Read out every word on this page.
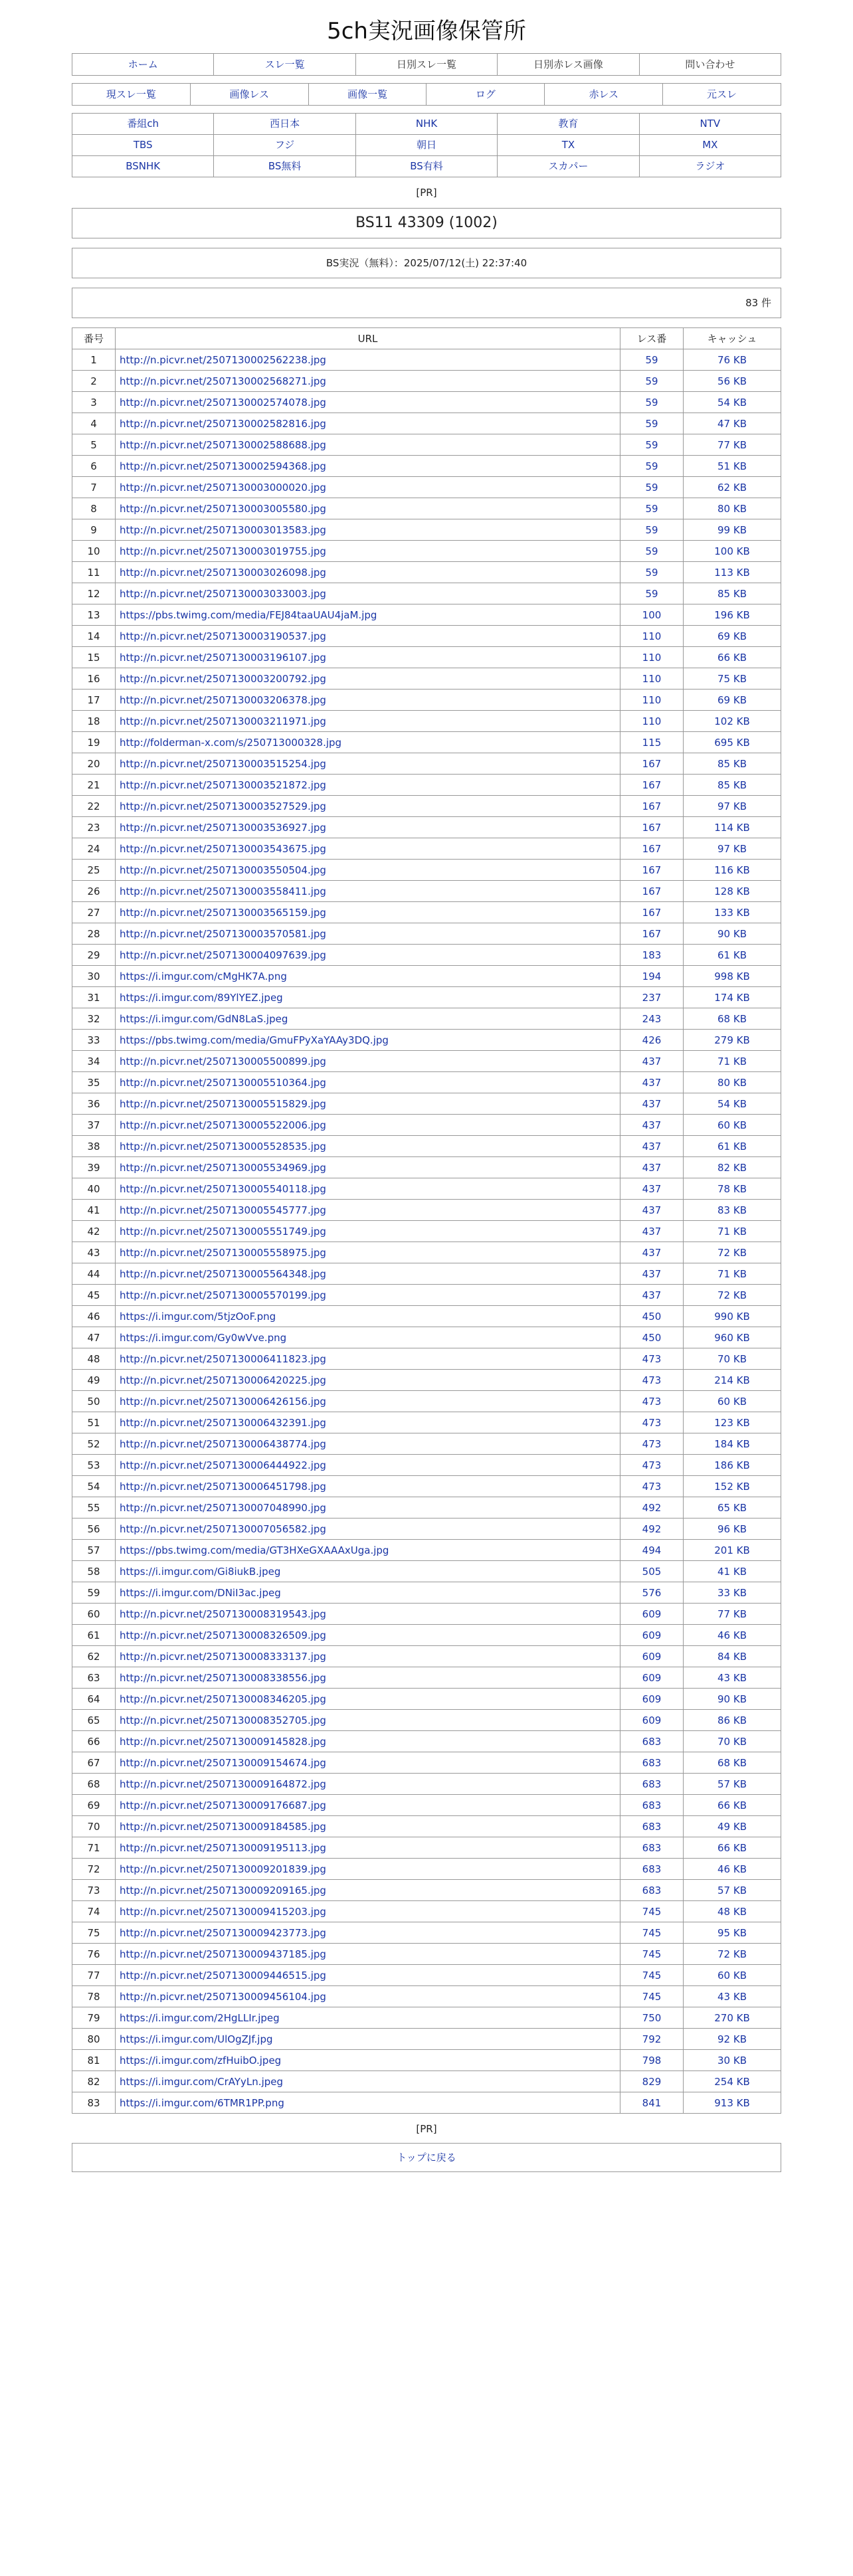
5ch実況画像保管所
ホーム	スレ一覧	日別スレ一覧	日別赤レス画像	問い合わせ
現スレ一覧	画像レス	画像一覧	ログ	赤レス	元スレ
番組ch	西日本	NHK	教育	NTV
TBS	フジ	朝日	TX	MX
BSNHK	BS無料	BS有料	スカパー	ラジオ
[PR]
BS11 43309 (1002)
BS実況（無料）：2025/07/12(土) 22:37:40
83 件
番号	URL	レス番	キャッシュ
1	http://n.picvr.net/2507130002562238.jpg	59	76 KB
2	http://n.picvr.net/2507130002568271.jpg	59	56 KB
3	http://n.picvr.net/2507130002574078.jpg	59	54 KB
4	http://n.picvr.net/2507130002582816.jpg	59	47 KB
5	http://n.picvr.net/2507130002588688.jpg	59	77 KB
6	http://n.picvr.net/2507130002594368.jpg	59	51 KB
7	http://n.picvr.net/2507130003000020.jpg	59	62 KB
8	http://n.picvr.net/2507130003005580.jpg	59	80 KB
9	http://n.picvr.net/2507130003013583.jpg	59	99 KB
10	http://n.picvr.net/2507130003019755.jpg	59	100 KB
11	http://n.picvr.net/2507130003026098.jpg	59	113 KB
12	http://n.picvr.net/2507130003033003.jpg	59	85 KB
13	https://pbs.twimg.com/media/FEJ84taaUAU4jaM.jpg	100	196 KB
14	http://n.picvr.net/2507130003190537.jpg	110	69 KB
15	http://n.picvr.net/2507130003196107.jpg	110	66 KB
16	http://n.picvr.net/2507130003200792.jpg	110	75 KB
17	http://n.picvr.net/2507130003206378.jpg	110	69 KB
18	http://n.picvr.net/2507130003211971.jpg	110	102 KB
19	http://folderman-x.com/s/250713000328.jpg	115	695 KB
20	http://n.picvr.net/2507130003515254.jpg	167	85 KB
21	http://n.picvr.net/2507130003521872.jpg	167	85 KB
22	http://n.picvr.net/2507130003527529.jpg	167	97 KB
23	http://n.picvr.net/2507130003536927.jpg	167	114 KB
24	http://n.picvr.net/2507130003543675.jpg	167	97 KB
25	http://n.picvr.net/2507130003550504.jpg	167	116 KB
26	http://n.picvr.net/2507130003558411.jpg	167	128 KB
27	http://n.picvr.net/2507130003565159.jpg	167	133 KB
28	http://n.picvr.net/2507130003570581.jpg	167	90 KB
29	http://n.picvr.net/2507130004097639.jpg	183	61 KB
30	https://i.imgur.com/cMgHK7A.png	194	998 KB
31	https://i.imgur.com/89YlYEZ.jpeg	237	174 KB
32	https://i.imgur.com/GdN8LaS.jpeg	243	68 KB
33	https://pbs.twimg.com/media/GmuFPyXaYAAy3DQ.jpg	426	279 KB
34	http://n.picvr.net/2507130005500899.jpg	437	71 KB
35	http://n.picvr.net/2507130005510364.jpg	437	80 KB
36	http://n.picvr.net/2507130005515829.jpg	437	54 KB
37	http://n.picvr.net/2507130005522006.jpg	437	60 KB
38	http://n.picvr.net/2507130005528535.jpg	437	61 KB
39	http://n.picvr.net/2507130005534969.jpg	437	82 KB
40	http://n.picvr.net/2507130005540118.jpg	437	78 KB
41	http://n.picvr.net/2507130005545777.jpg	437	83 KB
42	http://n.picvr.net/2507130005551749.jpg	437	71 KB
43	http://n.picvr.net/2507130005558975.jpg	437	72 KB
44	http://n.picvr.net/2507130005564348.jpg	437	71 KB
45	http://n.picvr.net/2507130005570199.jpg	437	72 KB
46	https://i.imgur.com/5tjzOoF.png	450	990 KB
47	https://i.imgur.com/Gy0wVve.png	450	960 KB
48	http://n.picvr.net/2507130006411823.jpg	473	70 KB
49	http://n.picvr.net/2507130006420225.jpg	473	214 KB
50	http://n.picvr.net/2507130006426156.jpg	473	60 KB
51	http://n.picvr.net/2507130006432391.jpg	473	123 KB
52	http://n.picvr.net/2507130006438774.jpg	473	184 KB
53	http://n.picvr.net/2507130006444922.jpg	473	186 KB
54	http://n.picvr.net/2507130006451798.jpg	473	152 KB
55	http://n.picvr.net/2507130007048990.jpg	492	65 KB
56	http://n.picvr.net/2507130007056582.jpg	492	96 KB
57	https://pbs.twimg.com/media/GT3HXeGXAAAxUga.jpg	494	201 KB
58	https://i.imgur.com/Gi8iukB.jpeg	505	41 KB
59	https://i.imgur.com/DNiI3ac.jpeg	576	33 KB
60	http://n.picvr.net/2507130008319543.jpg	609	77 KB
61	http://n.picvr.net/2507130008326509.jpg	609	46 KB
62	http://n.picvr.net/2507130008333137.jpg	609	84 KB
63	http://n.picvr.net/2507130008338556.jpg	609	43 KB
64	http://n.picvr.net/2507130008346205.jpg	609	90 KB
65	http://n.picvr.net/2507130008352705.jpg	609	86 KB
66	http://n.picvr.net/2507130009145828.jpg	683	70 KB
67	http://n.picvr.net/2507130009154674.jpg	683	68 KB
68	http://n.picvr.net/2507130009164872.jpg	683	57 KB
69	http://n.picvr.net/2507130009176687.jpg	683	66 KB
70	http://n.picvr.net/2507130009184585.jpg	683	49 KB
71	http://n.picvr.net/2507130009195113.jpg	683	66 KB
72	http://n.picvr.net/2507130009201839.jpg	683	46 KB
73	http://n.picvr.net/2507130009209165.jpg	683	57 KB
74	http://n.picvr.net/2507130009415203.jpg	745	48 KB
75	http://n.picvr.net/2507130009423773.jpg	745	95 KB
76	http://n.picvr.net/2507130009437185.jpg	745	72 KB
77	http://n.picvr.net/2507130009446515.jpg	745	60 KB
78	http://n.picvr.net/2507130009456104.jpg	745	43 KB
79	https://i.imgur.com/2HgLLIr.jpeg	750	270 KB
80	https://i.imgur.com/UlOgZJf.jpg	792	92 KB
81	https://i.imgur.com/zfHuibO.jpeg	798	30 KB
82	https://i.imgur.com/CrAYyLn.jpeg	829	254 KB
83	https://i.imgur.com/6TMR1PP.png	841	913 KB
[PR]
トップに戻る
